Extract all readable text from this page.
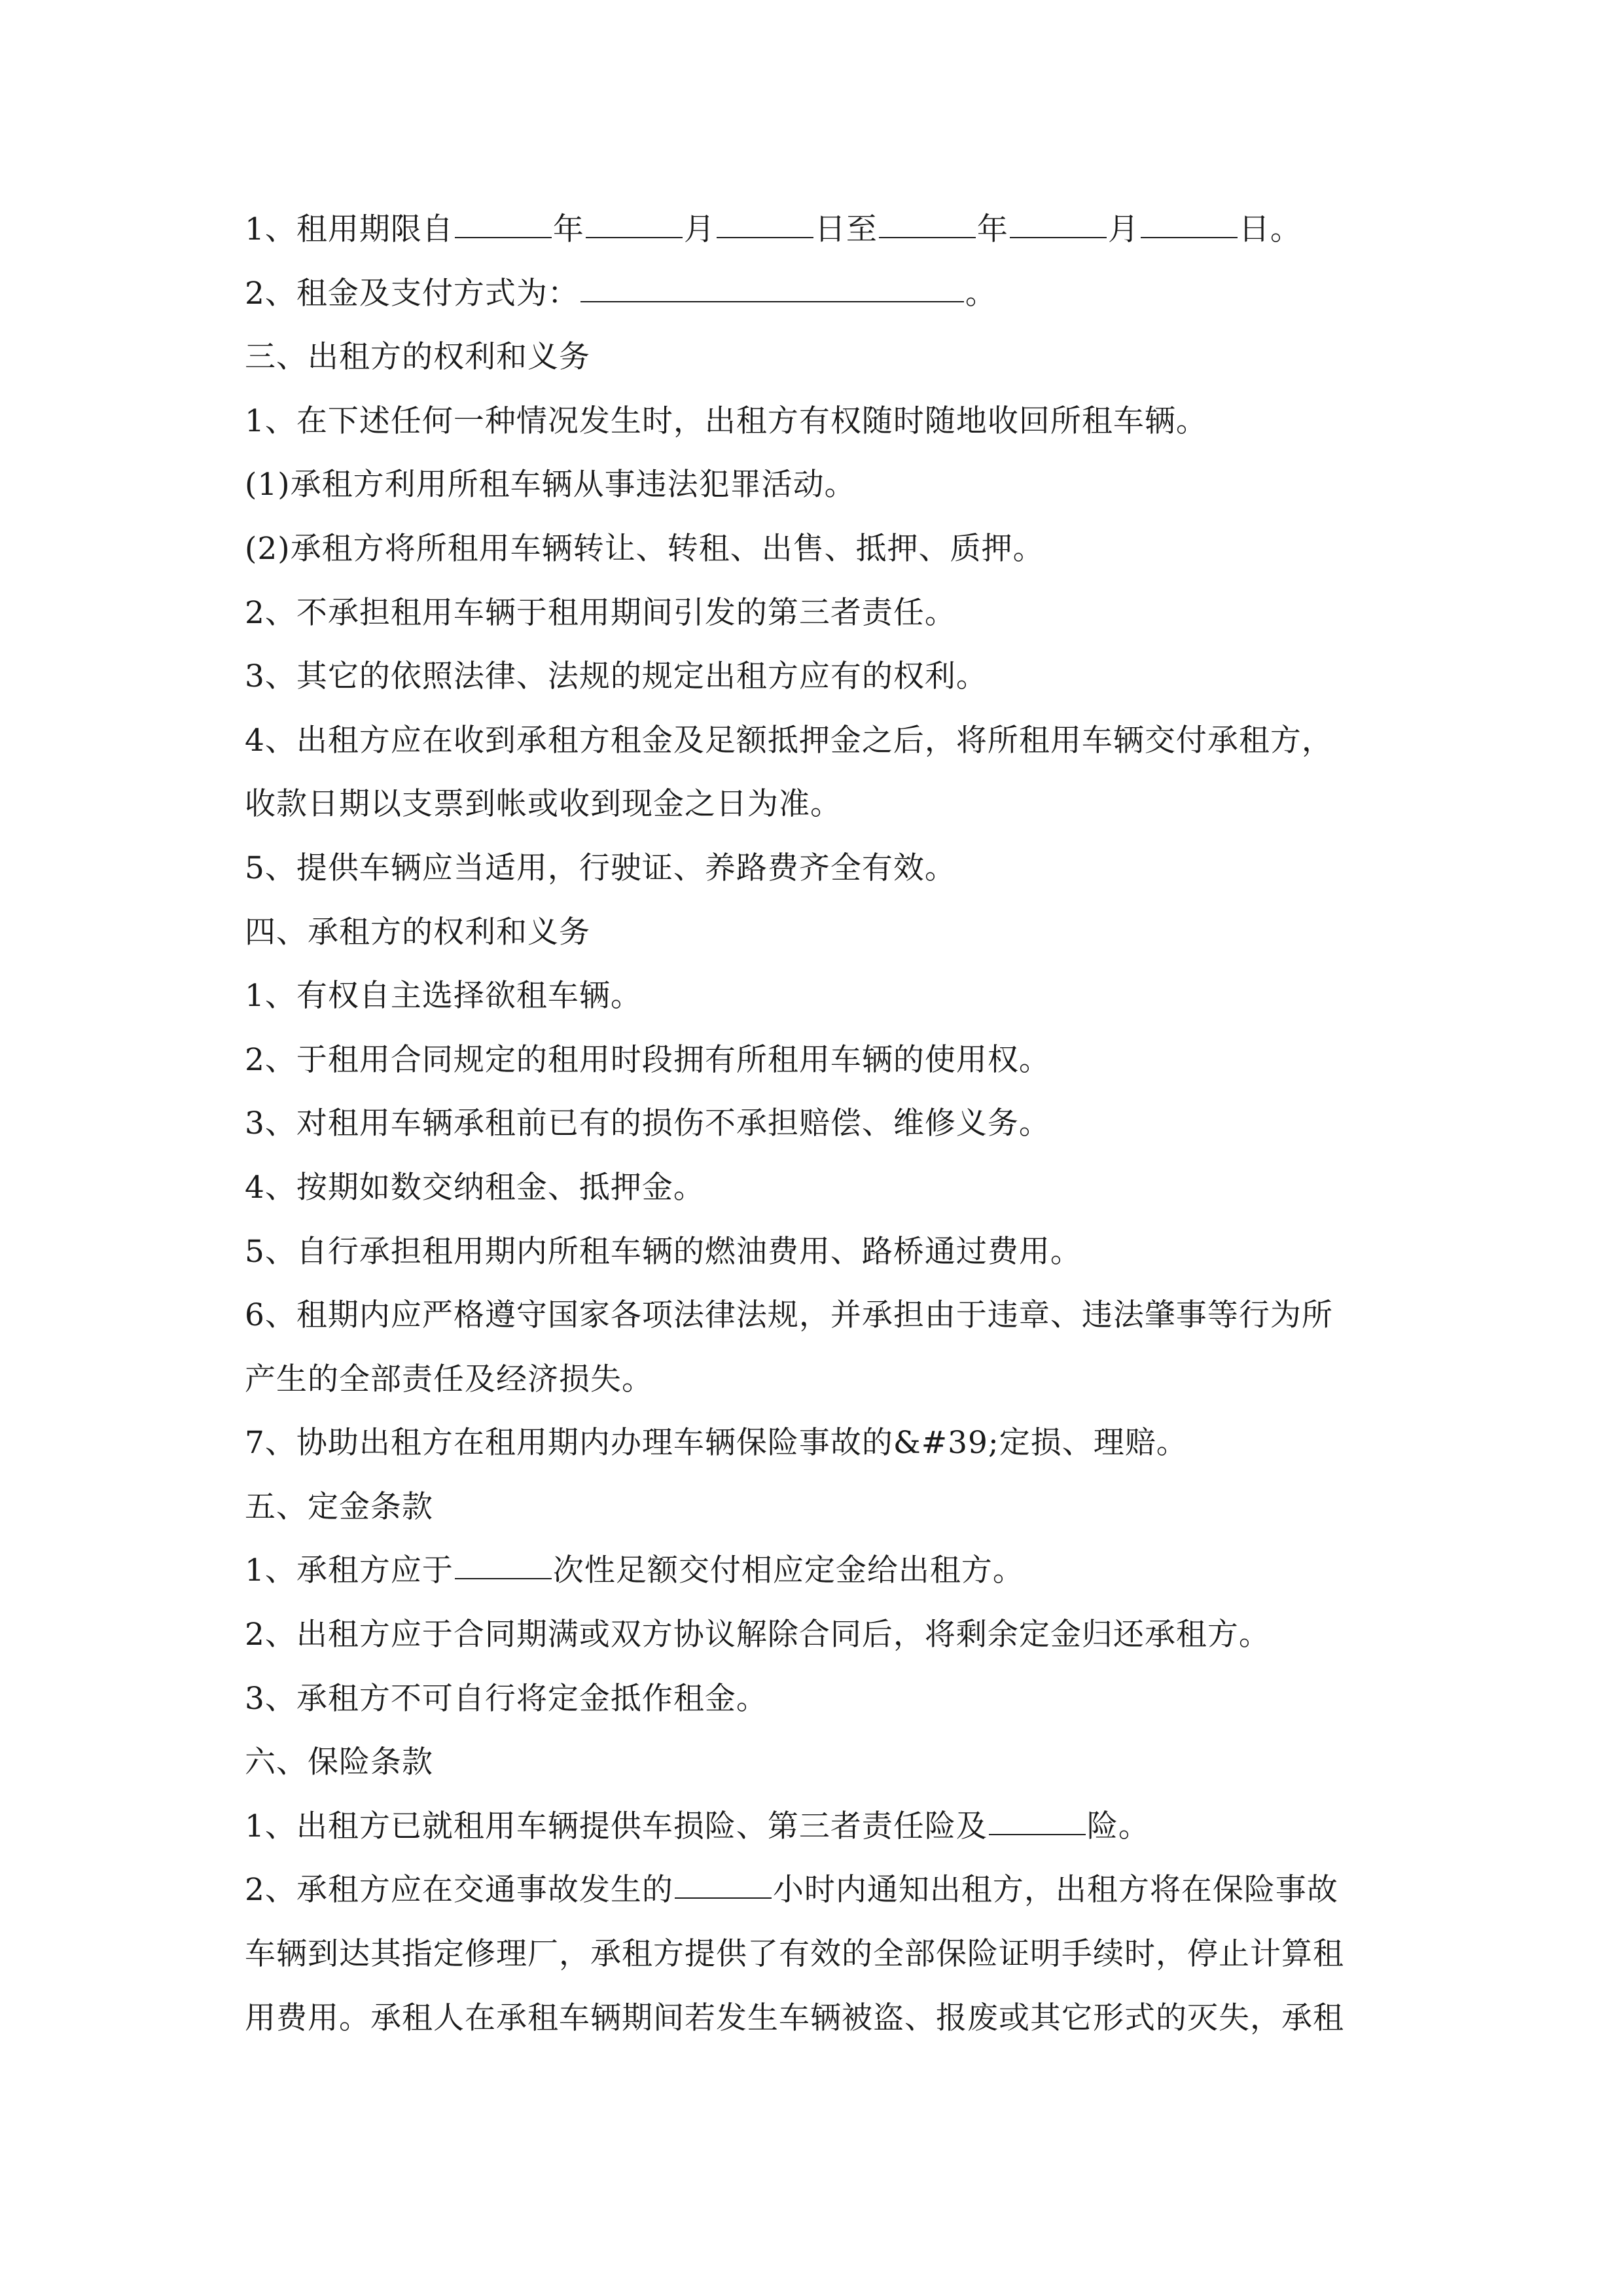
1、租用期限自	年	月	日至	年	月	日。
2、租金及支付方式为：	。
三、出租方的权利和义务
1、在下述任何一种情况发生时，出租方有权随时随地收回所租车辆。
(1)承租方利用所租车辆从事违法犯罪活动。
(2)承租方将所租用车辆转让、转租、出售、抵押、质押。
2、不承担租用车辆于租用期间引发的第三者责任。
3、其它的依照法律、法规的规定出租方应有的权利。
4、出租方应在收到承租方租金及足额抵押金之后，将所租用车辆交付承租方，
收款日期以支票到帐或收到现金之日为准。
5、提供车辆应当适用，行驶证、养路费齐全有效。
四、承租方的权利和义务
1、有权自主选择欲租车辆。
2、于租用合同规定的租用时段拥有所租用车辆的使用权。
3、对租用车辆承租前已有的损伤不承担赔偿、维修义务。
4、按期如数交纳租金、抵押金。
5、自行承担租用期内所租车辆的燃油费用、路桥通过费用。
6、租期内应严格遵守国家各项法律法规，并承担由于违章、违法肇事等行为所
产生的全部责任及经济损失。
7、协助出租方在租用期内办理车辆保险事故的&#39;定损、理赔。
五、定金条款
1、承租方应于	次性足额交付相应定金给出租方。
2、出租方应于合同期满或双方协议解除合同后，将剩余定金归还承租方。
3、承租方不可自行将定金抵作租金。
六、保险条款
1、出租方已就租用车辆提供车损险、第三者责任险及	险。
2、承租方应在交通事故发生的	小时内通知出租方，出租方将在保险事故
车辆到达其指定修理厂，承租方提供了有效的全部保险证明手续时，停止计算租
用费用。承租人在承租车辆期间若发生车辆被盗、报废或其它形式的灭失，承租
